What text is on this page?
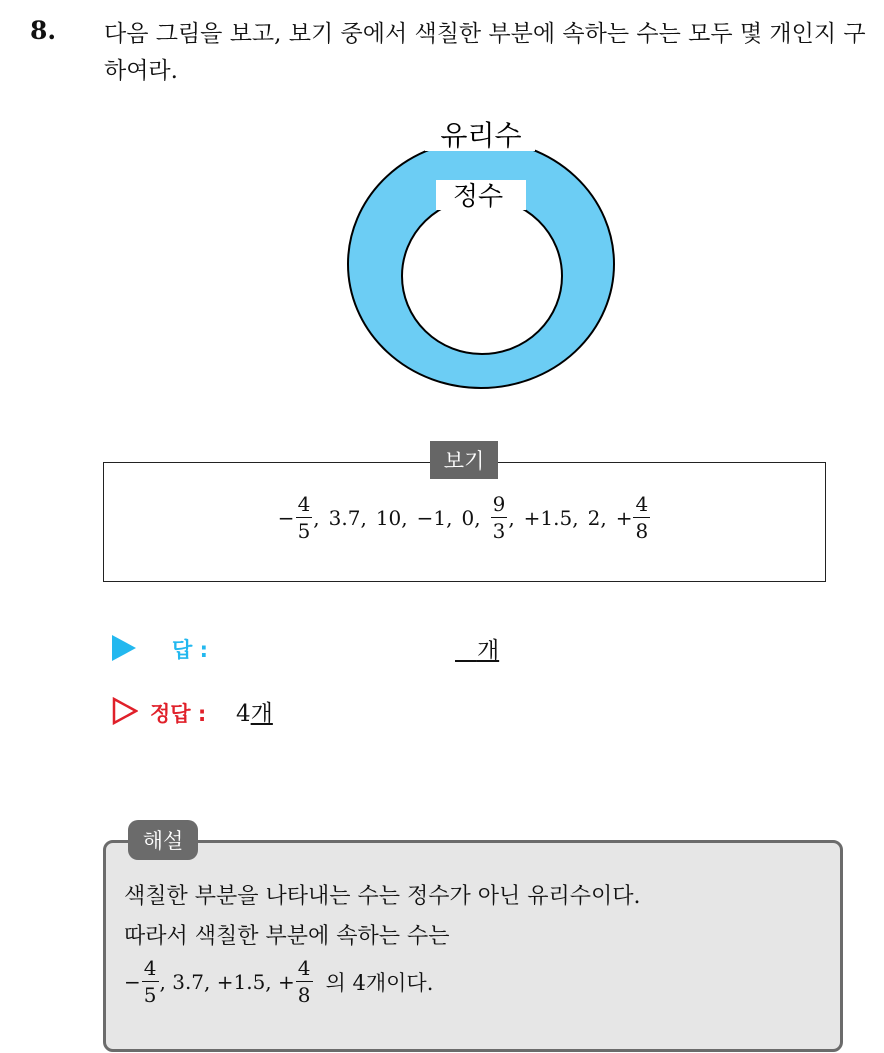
8. 다음 그림을 보고, 보기 중에서 색칠한 부분에 속하는 수는 모두 몇 개인지 구하여라.
유리수
정수
− $\frac{4}{5}$ , 3.7 , 10 , −1 , 0 , $\frac{9}{3}$ , +1.5 , 2 , + $\frac{4}{8}$
보기
답 :	개
정답 : 4개
색칠한 부분을 나타내는 수는 정수가 아닌 유리수이다.
따라서 색칠한 부분에 속하는 수는
− $\frac{4}{5}$ , 3.7, +1.5, + $\frac{4}{8}$ 의 4개이다.
해설
